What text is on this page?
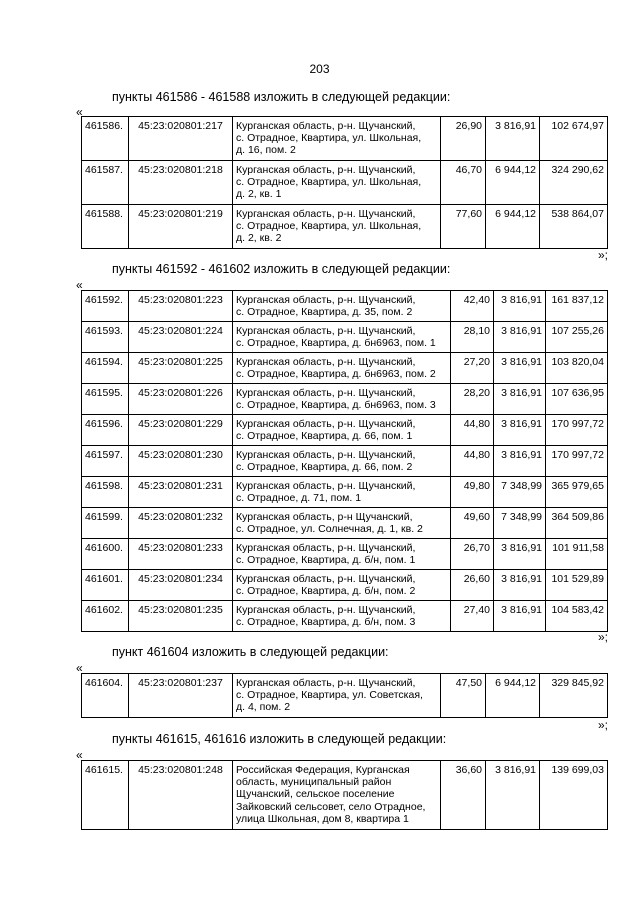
203
пункты 461586 - 461588 изложить в следующей редакции:
«
461586.	45:23:020801:217	Курганская область, р-н. Щучанский,
с. Отрадное, Квартира, ул. Школьная,
д. 16, пом. 2	26,90	3 816,91	102 674,97
461587.	45:23:020801:218	Курганская область, р-н. Щучанский,
с. Отрадное, Квартира, ул. Школьная,
д. 2, кв. 1	46,70	6 944,12	324 290,62
461588.	45:23:020801:219	Курганская область, р-н. Щучанский,
с. Отрадное, Квартира, ул. Школьная,
д. 2, кв. 2	77,60	6 944,12	538 864,07
»;
пункты 461592 - 461602 изложить в следующей редакции:
«
461592.	45:23:020801:223	Курганская область, р-н. Щучанский,
с. Отрадное, Квартира, д. 35, пом. 2	42,40	3 816,91	161 837,12
461593.	45:23:020801:224	Курганская область, р-н. Щучанский,
с. Отрадное, Квартира, д. бн6963, пом. 1	28,10	3 816,91	107 255,26
461594.	45:23:020801:225	Курганская область, р-н. Щучанский,
с. Отрадное, Квартира, д. бн6963, пом. 2	27,20	3 816,91	103 820,04
461595.	45:23:020801:226	Курганская область, р-н. Щучанский,
с. Отрадное, Квартира, д. бн6963, пом. 3	28,20	3 816,91	107 636,95
461596.	45:23:020801:229	Курганская область, р-н. Щучанский,
с. Отрадное, Квартира, д. 66, пом. 1	44,80	3 816,91	170 997,72
461597.	45:23:020801:230	Курганская область, р-н. Щучанский,
с. Отрадное, Квартира, д. 66, пом. 2	44,80	3 816,91	170 997,72
461598.	45:23:020801:231	Курганская область, р-н. Щучанский,
с. Отрадное, д. 71, пом. 1	49,80	7 348,99	365 979,65
461599.	45:23:020801:232	Курганская область, р-н Щучанский,
с. Отрадное, ул. Солнечная, д. 1, кв. 2	49,60	7 348,99	364 509,86
461600.	45:23:020801:233	Курганская область, р-н. Щучанский,
с. Отрадное, Квартира, д. б/н, пом. 1	26,70	3 816,91	101 911,58
461601.	45:23:020801:234	Курганская область, р-н. Щучанский,
с. Отрадное, Квартира, д. б/н, пом. 2	26,60	3 816,91	101 529,89
461602.	45:23:020801:235	Курганская область, р-н. Щучанский,
с. Отрадное, Квартира, д. б/н, пом. 3	27,40	3 816,91	104 583,42
»;
пункт 461604 изложить в следующей редакции:
«
461604.	45:23:020801:237	Курганская область, р-н. Щучанский,
с. Отрадное, Квартира, ул. Советская,
д. 4, пом. 2
	47,50	6 944,12	329 845,92
»;
пункты 461615, 461616 изложить в следующей редакции:
«
461615.	45:23:020801:248	Российская Федерация, Курганская
область, муниципальный район
Щучанский, сельское поселение
Зайковский сельсовет, село Отрадное,
улица Школьная, дом 8, квартира 1
	36,60	3 816,91	139 699,03
